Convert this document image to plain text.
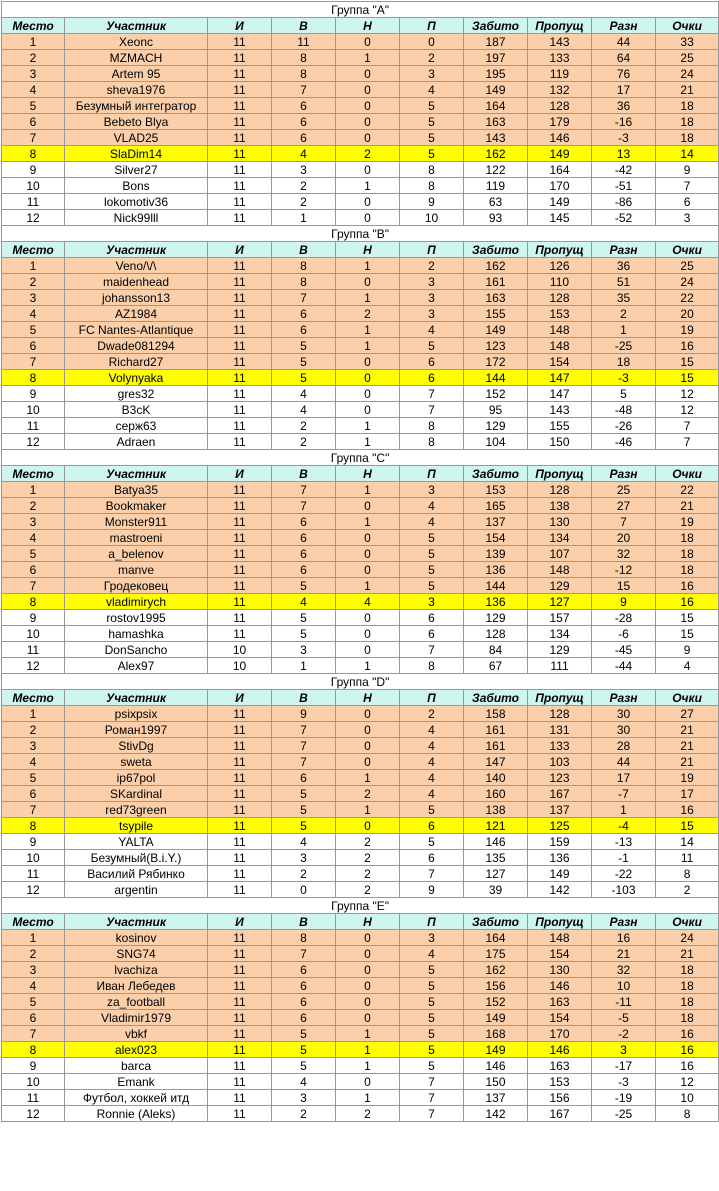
Группа "А"									
Место	Участник	И	В	Н	П	Забито	Пропущ	Разн	Очки
1	Xeonc	11	11	0	0	187	143	44	33
2	MZMACH	11	8	1	2	197	133	64	25
3	Artem 95	11	8	0	3	195	119	76	24
4	sheva1976	11	7	0	4	149	132	17	21
5	Безумный интегратор	11	6	0	5	164	128	36	18
6	Bebeto Blya	11	6	0	5	163	179	-16	18
7	VLAD25	11	6	0	5	143	146	-3	18
8	SlaDim14	11	4	2	5	162	149	13	14
9	Silver27	11	3	0	8	122	164	-42	9
10	Bons	11	2	1	8	119	170	-51	7
11	lokomotiv36	11	2	0	9	63	149	-86	6
12	Nick99lll	11	1	0	10	93	145	-52	3
Группа "В"									
Место	Участник	И	В	Н	П	Забито	Пропущ	Разн	Очки
1	Veno/\/\	11	8	1	2	162	126	36	25
2	maidenhead	11	8	0	3	161	110	51	24
3	johansson13	11	7	1	3	163	128	35	22
4	AZ1984	11	6	2	3	155	153	2	20
5	FC Nantes-Atlantique	11	6	1	4	149	148	1	19
6	Dwade081294	11	5	1	5	123	148	-25	16
7	Richard27	11	5	0	6	172	154	18	15
8	Volynyaka	11	5	0	6	144	147	-3	15
9	gres32	11	4	0	7	152	147	5	12
10	B3cK	11	4	0	7	95	143	-48	12
11	серж63	11	2	1	8	129	155	-26	7
12	Adraen	11	2	1	8	104	150	-46	7
Группа "С"									
Место	Участник	И	В	Н	П	Забито	Пропущ	Разн	Очки
1	Batya35	11	7	1	3	153	128	25	22
2	Bookmaker	11	7	0	4	165	138	27	21
3	Monster911	11	6	1	4	137	130	7	19
4	mastroeni	11	6	0	5	154	134	20	18
5	a_belenov	11	6	0	5	139	107	32	18
6	manve	11	6	0	5	136	148	-12	18
7	Гродековец	11	5	1	5	144	129	15	16
8	vladimirych	11	4	4	3	136	127	9	16
9	rostov1995	11	5	0	6	129	157	-28	15
10	hamashka	11	5	0	6	128	134	-6	15
11	DonSancho	10	3	0	7	84	129	-45	9
12	Alex97	10	1	1	8	67	111	-44	4
Группа "D"									
Место	Участник	И	В	Н	П	Забито	Пропущ	Разн	Очки
1	psixpsix	11	9	0	2	158	128	30	27
2	Роман1997	11	7	0	4	161	131	30	21
3	StivDg	11	7	0	4	161	133	28	21
4	sweta	11	7	0	4	147	103	44	21
5	ip67pol	11	6	1	4	140	123	17	19
6	SKardinal	11	5	2	4	160	167	-7	17
7	red73green	11	5	1	5	138	137	1	16
8	tsypile	11	5	0	6	121	125	-4	15
9	YALTA	11	4	2	5	146	159	-13	14
10	Безумный(B.i.Y.)	11	3	2	6	135	136	-1	11
11	Василий Рябинко	11	2	2	7	127	149	-22	8
12	argentin	11	0	2	9	39	142	-103	2
Группа "Е"									
Место	Участник	И	В	Н	П	Забито	Пропущ	Разн	Очки
1	kosinov	11	8	0	3	164	148	16	24
2	SNG74	11	7	0	4	175	154	21	21
3	lvachiza	11	6	0	5	162	130	32	18
4	Иван Лебедев	11	6	0	5	156	146	10	18
5	za_football	11	6	0	5	152	163	-11	18
6	Vladimir1979	11	6	0	5	149	154	-5	18
7	vbkf	11	5	1	5	168	170	-2	16
8	alex023	11	5	1	5	149	146	3	16
9	barca	11	5	1	5	146	163	-17	16
10	Emank	11	4	0	7	150	153	-3	12
11	Футбол, хоккей итд	11	3	1	7	137	156	-19	10
12	Ronnie (Aleks)	11	2	2	7	142	167	-25	8
